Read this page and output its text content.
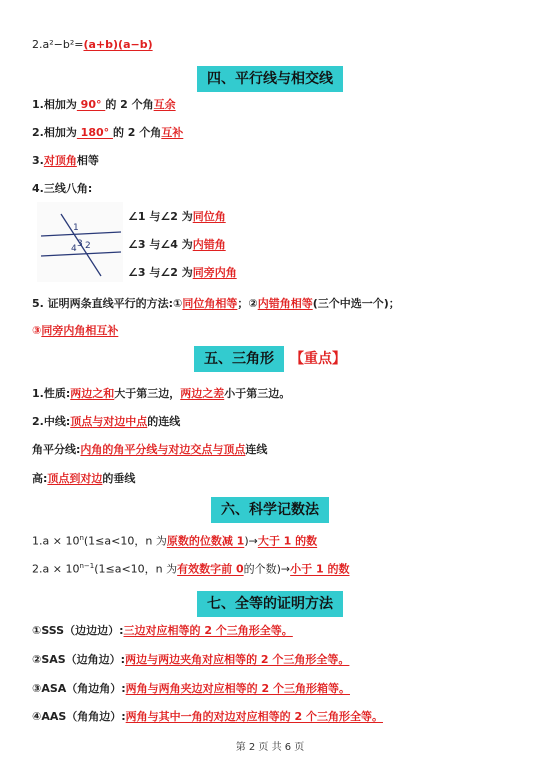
2.a²−b²=(a+b)(a−b)
四、平行线与相交线
1.相加为 90° 的 2 个角互余
2.相加为 180° 的 2 个角互补
3.对顶角相等
4.三线八角:
1
2
3
4
∠1 与∠2 为同位角
∠3 与∠4 为内错角
∠3 与∠2 为同旁内角
5. 证明两条直线平行的方法:①同位角相等；②内错角相等(三个中选一个)；
③同旁内角相互补
五、三角形 【重点】
1.性质:两边之和大于第三边，两边之差小于第三边。
2.中线:顶点与对边中点的连线
角平分线:内角的角平分线与对边交点与顶点连线
高:顶点到对边的垂线
六、科学记数法
$1.a \times 10^n(1\le a<10$，n 为原数的位数减 1)→大于 1 的数
$2.a \times 10^{n-1}(1\le a<10$，n 为有效数字前 0的个数)→小于 1 的数
七、全等的证明方法
①SSS（边边边）:三边对应相等的 2 个三角形全等。
②SAS（边角边）:两边与两边夹角对应相等的 2 个三角形全等。
③ASA（角边角）:两角与两角夹边对应相等的 2 个三角形箱等。
④AAS（角角边）:两角与其中一角的对边对应相等的 2 个三角形全等。
第 2 页 共 6 页
